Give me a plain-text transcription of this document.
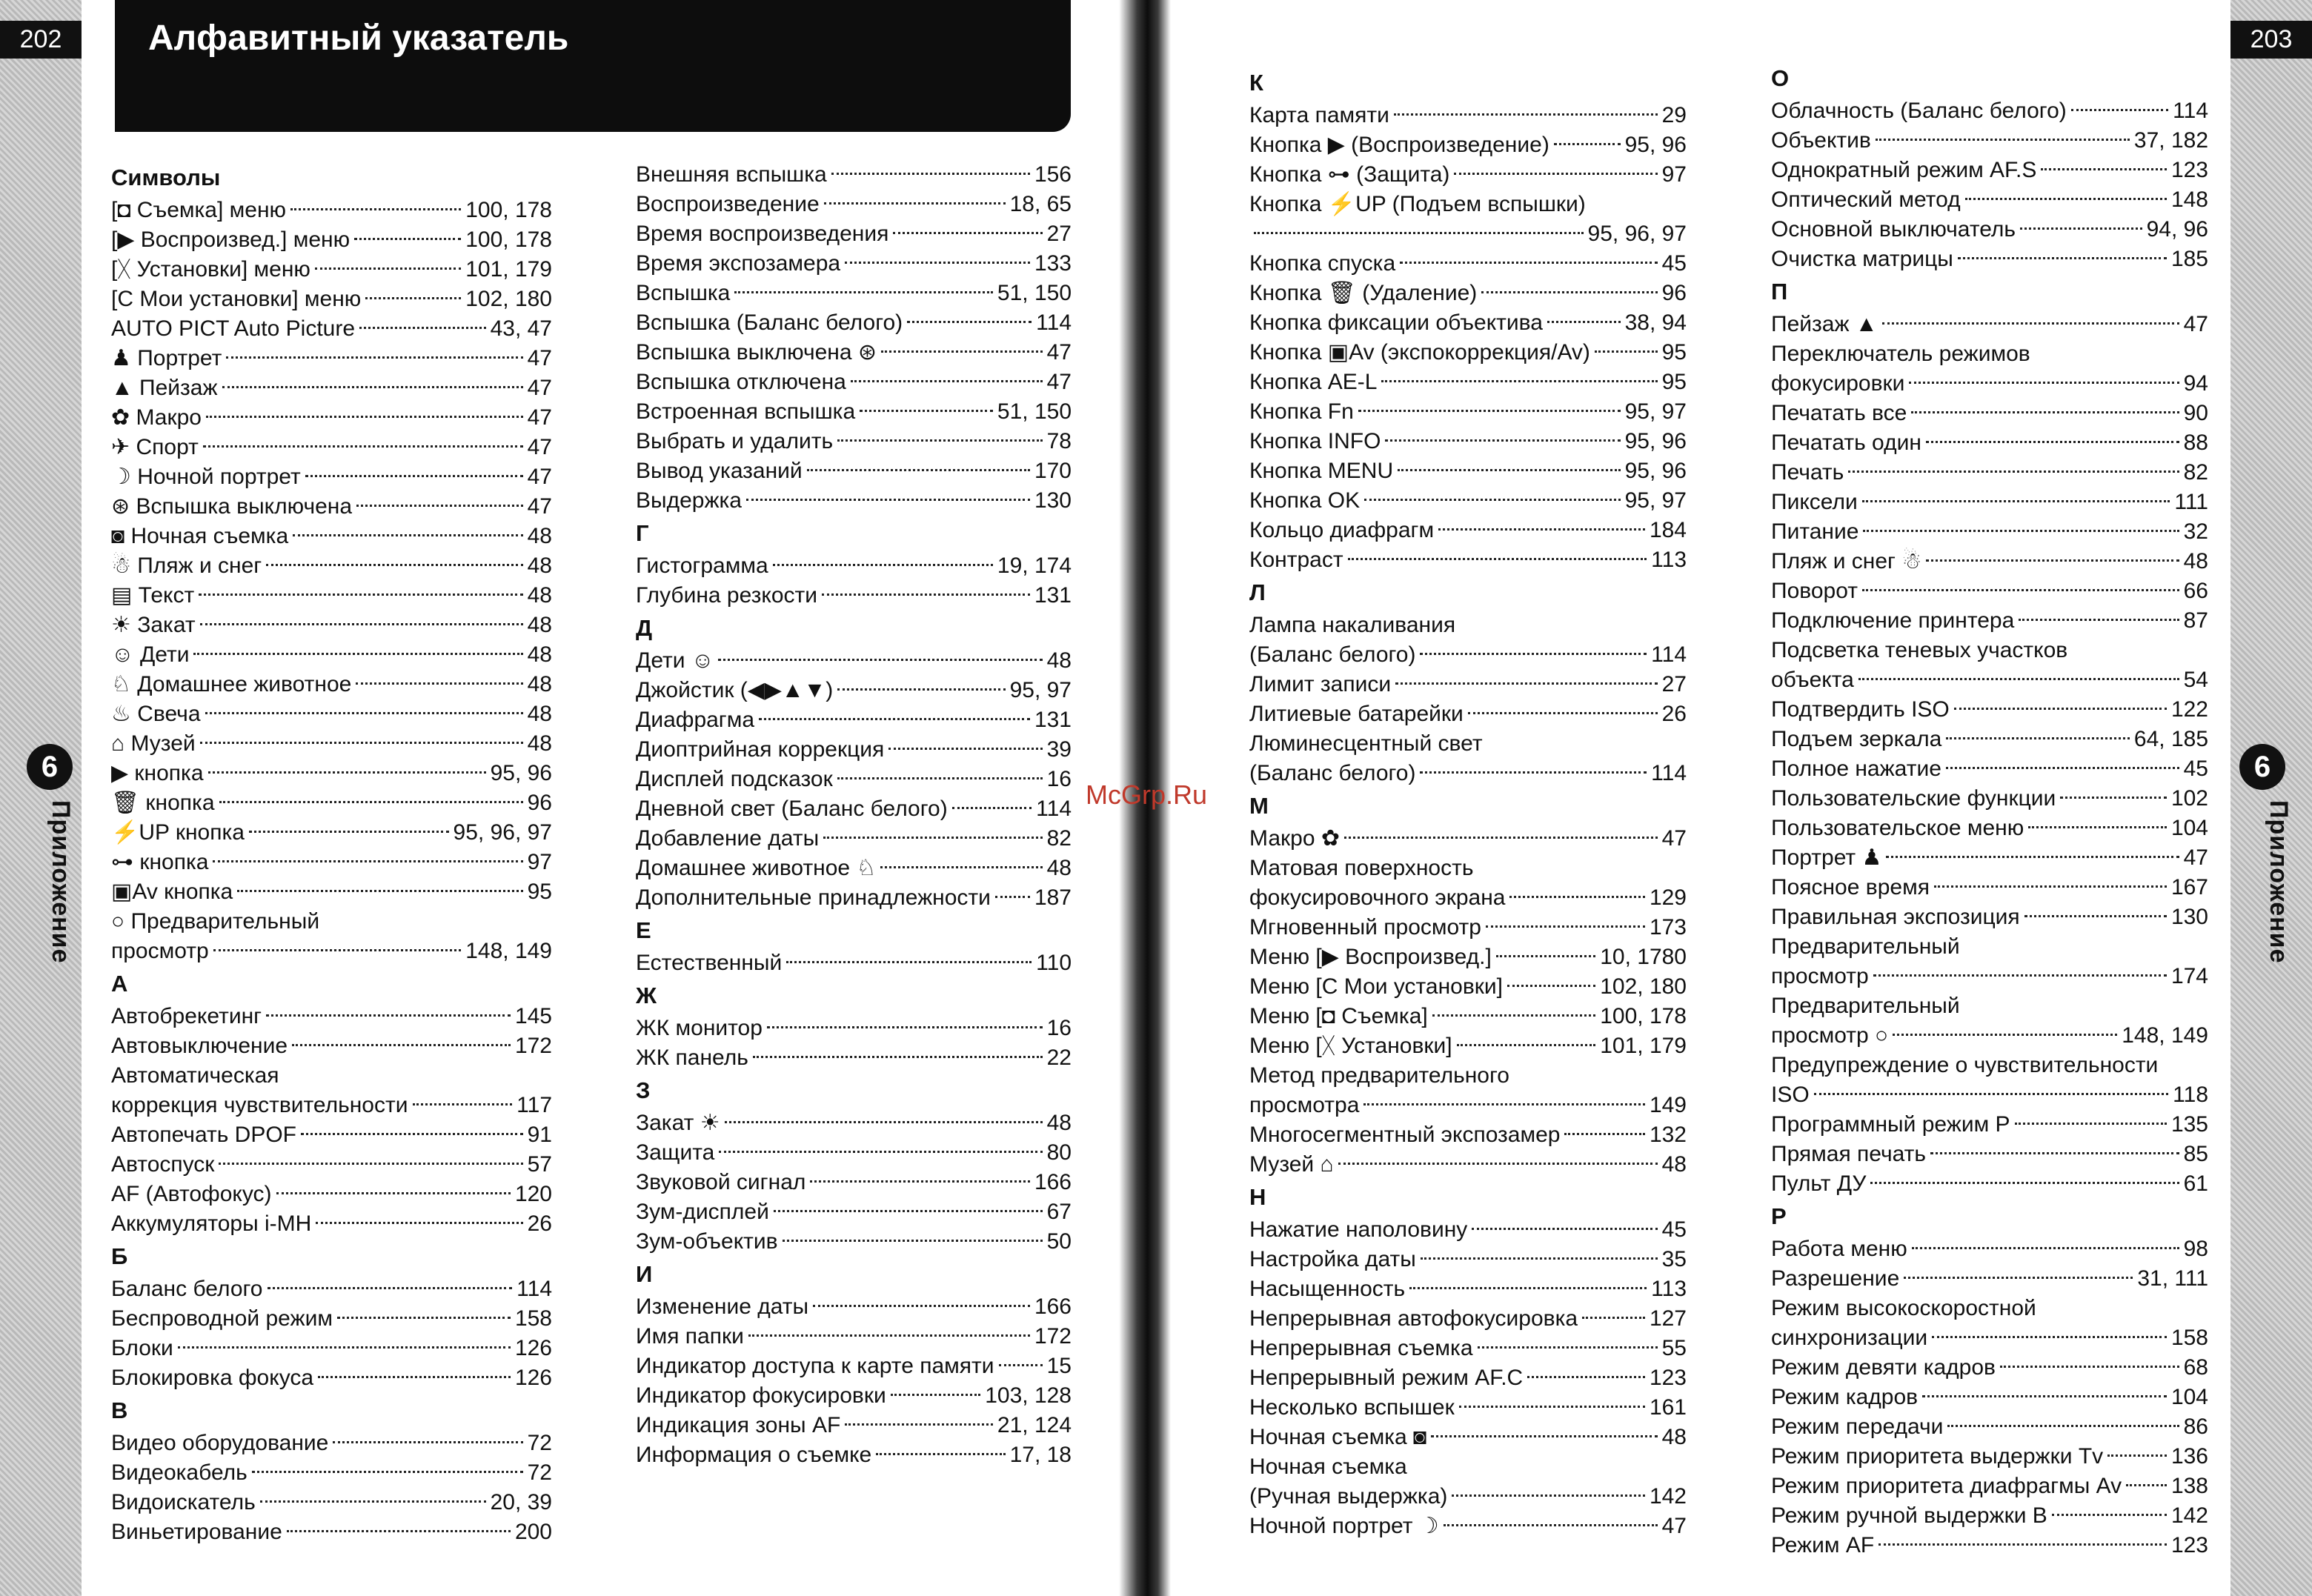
202	203
6
Приложение
6
Приложение
Алфавитный указатель
McGrp.Ru
Символы
[◘ Съемка] меню	100, 178
[▶ Воспроизвед.] меню	100, 178
[ᚷ Установки] меню	101, 179
[C Мои установки] меню	102, 180
AUTO PICT Auto Picture	43, 47
♟ Портрет	47
▲ Пейзаж	47
✿ Макро	47
✈ Спорт	47
☽ Ночной портрет	47
⊛ Вспышка выключена	47
◙ Ночная съемка	48
☃ Пляж и снег	48
▤ Текст	48
☀ Закат	48
☺ Дети	48
♘ Домашнее животное	48
♨ Свеча	48
⌂ Музей	48
▶ кнопка	95, 96
🗑 кнопка	96
⚡UP кнопка	95, 96, 97
⊶ кнопка	97
▣Av кнопка	95
○ Предварительный
просмотр	148, 149
А
Автобрекетинг	145
Автовыключение	172
Автоматическая
коррекция чувствительности	117
Автопечать DPOF	91
Автоспуск	57
AF (Автофокус)	120
Аккумуляторы i-MH	26
Б
Баланс белого	114
Беспроводной режим	158
Блоки	126
Блокировка фокуса	126
В
Видео оборудование	72
Видеокабель	72
Видоискатель	20, 39
Виньетирование	200
Внешняя вспышка	156
Воспроизведение	18, 65
Время воспроизведения	27
Время экспозамера	133
Вспышка	51, 150
Вспышка (Баланс белого)	114
Вспышка выключена ⊛	47
Вспышка отключена	47
Встроенная вспышка	51, 150
Выбрать и удалить	78
Вывод указаний	170
Выдержка	130
Г
Гистограмма	19, 174
Глубина резкости	131
Д
Дети ☺	48
Джойстик (◀▶▲▼)	95, 97
Диафрагма	131
Диоптрийная коррекция	39
Дисплей подсказок	16
Дневной свет (Баланс белого)	114
Добавление даты	82
Домашнее животное ♘	48
Дополнительные принадлежности 187
Е
Естественный	110
Ж
ЖК монитор	16
ЖК панель	22
З
Закат ☀	48
Защита	80
Звуковой сигнал	166
Зум-дисплей	67
Зум-объектив	50
И
Изменение даты	166
Имя папки	172
Индикатор доступа к карте памяти 15
Индикатор фокусировки	103, 128
Индикация зоны AF	21, 124
Информация о съемке	17, 18
К
Карта памяти	29
Кнопка ▶ (Воспроизведение)	95, 96
Кнопка ⊶ (Защита)	97
Кнопка ⚡UP (Подъем вспышки)
95, 96, 97
Кнопка спуска	45
Кнопка 🗑 (Удаление)	96
Кнопка фиксации объектива	38, 94
Кнопка ▣Av (экспокоррекция/Av)	95
Кнопка AE-L	95
Кнопка Fn	95, 97
Кнопка INFO	95, 96
Кнопка MENU	95, 96
Кнопка OK	95, 97
Кольцо диафрагм	184
Контраст	113
Л
Лампа накаливания
(Баланс белого)	114
Лимит записи	27
Литиевые батарейки	26
Люминесцентный свет
(Баланс белого)	114
М
Макро ✿	47
Матовая поверхность
фокусировочного экрана	129
Мгновенный просмотр	173
Меню [▶ Воспроизвед.]	10, 1780
Меню [C Мои установки]	102, 180
Меню [◘ Съемка]	100, 178
Меню [ᚷ Установки]	101, 179
Метод предварительного
просмотра	149
Многосегментный экспозамер	132
Музей ⌂	48
Н
Нажатие наполовину	45
Настройка даты	35
Насыщенность	113
Непрерывная автофокусировка	127
Непрерывная съемка	55
Непрерывный режим AF.C	123
Несколько вспышек	161
Ночная съемка ◙	48
Ночная съемка
(Ручная выдержка)	142
Ночной портрет ☽	47
О
Облачность (Баланс белого)	114
Объектив	37, 182
Однократный режим AF.S	123
Оптический метод	148
Основной выключатель	94, 96
Очистка матрицы	185
П
Пейзаж ▲	47
Переключатель режимов
фокусировки	94
Печатать все	90
Печатать один	88
Печать	82
Пиксели	111
Питание	32
Пляж и снег ☃	48
Поворот	66
Подключение принтера	87
Подсветка теневых участков
объекта	54
Подтвердить ISO	122
Подъем зеркала	64, 185
Полное нажатие	45
Пользовательские функции	102
Пользовательское меню	104
Портрет ♟	47
Поясное время	167
Правильная экспозиция	130
Предварительный
просмотр	174
Предварительный
просмотр ○	148, 149
Предупреждение о чувствительности
ISO	118
Программный режим P	135
Прямая печать	85
Пульт ДУ	61
Р
Работа меню	98
Разрешение	31, 111
Режим высокоскоростной
синхронизации	158
Режим девяти кадров	68
Режим кадров	104
Режим передачи	86
Режим приоритета выдержки Tv	136
Режим приоритета диафрагмы Av 138
Режим ручной выдержки B	142
Режим AF	123
